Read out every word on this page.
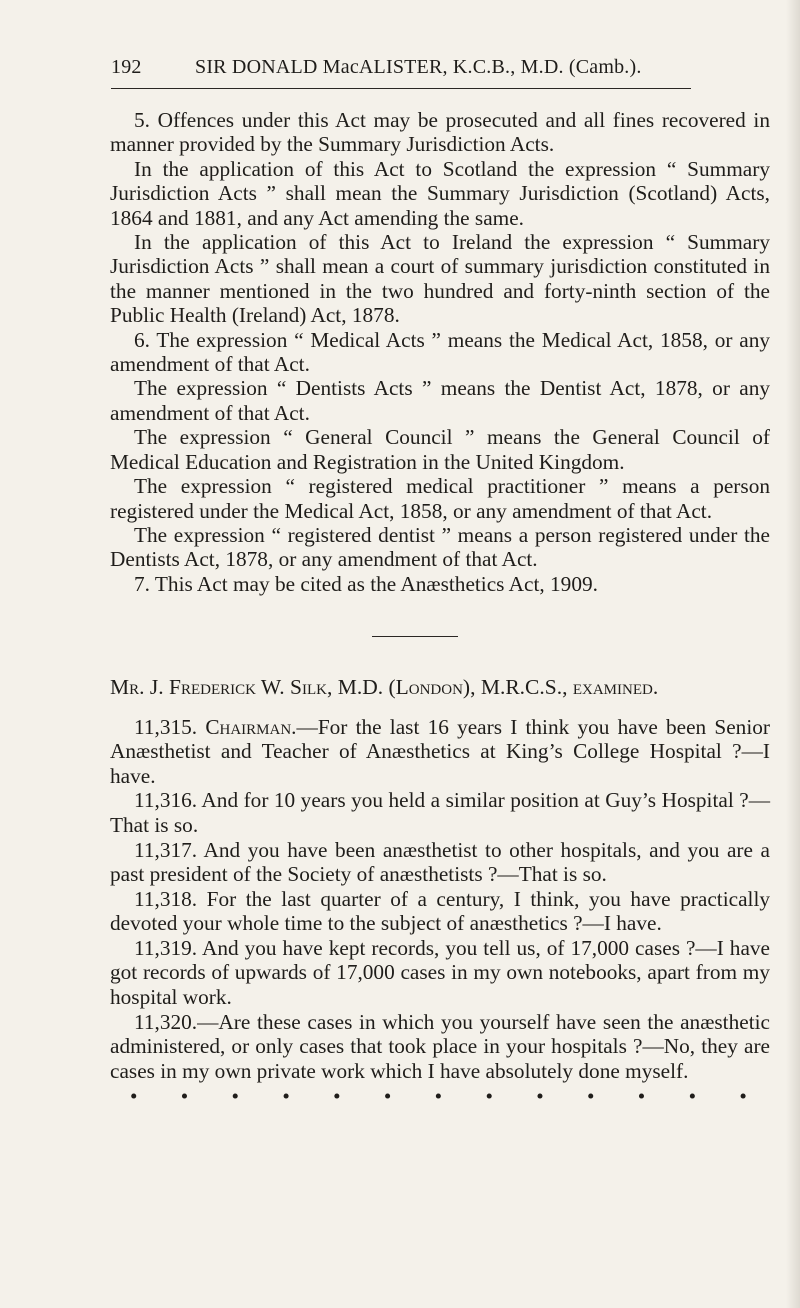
192	SIR DONALD MacALISTER, K.C.B., M.D. (Camb.).

5. Offences under this Act may be prosecuted and all fines recovered in manner provided by the Summary Jurisdiction Acts.

In the application of this Act to Scotland the expression “ Summary Jurisdiction Acts ” shall mean the Summary Jurisdiction (Scotland) Acts, 1864 and 1881, and any Act amending the same.

In the application of this Act to Ireland the expression “ Summary Jurisdiction Acts ” shall mean a court of summary jurisdiction constituted in the manner mentioned in the two hundred and forty-ninth section of the Public Health (Ireland) Act, 1878.

6. The expression “ Medical Acts ” means the Medical Act, 1858, or any amendment of that Act.

The expression “ Dentists Acts ” means the Dentist Act, 1878, or any amendment of that Act.

The expression “ General Council ” means the General Council of Medical Education and Registration in the United Kingdom.

The expression “ registered medical practitioner ” means a person registered under the Medical Act, 1858, or any amendment of that Act.

The expression “ registered dentist ” means a person registered under the Dentists Act, 1878, or any amendment of that Act.

7. This Act may be cited as the Anæsthetics Act, 1909.

Mr. J. Frederick W. Silk, M.D. (London), M.R.C.S., examined.

11,315. Chairman.—For the last 16 years I think you have been Senior Anæsthetist and Teacher of Anæsthetics at King’s College Hospital ?—I have.

11,316. And for 10 years you held a similar position at Guy’s Hospital ?—That is so.

11,317. And you have been anæsthetist to other hospitals, and you are a past president of the Society of anæsthetists ?—That is so.

11,318. For the last quarter of a century, I think, you have practically devoted your whole time to the subject of anæsthetics ?—I have.

11,319. And you have kept records, you tell us, of 17,000 cases ?—I have got records of upwards of 17,000 cases in my own notebooks, apart from my hospital work.

11,320.—Are these cases in which you yourself have seen the anæsthetic administered, or only cases that took place in your hospitals ?—No, they are cases in my own private work which I have absolutely done myself.

• • • • • • • • • • • • •
